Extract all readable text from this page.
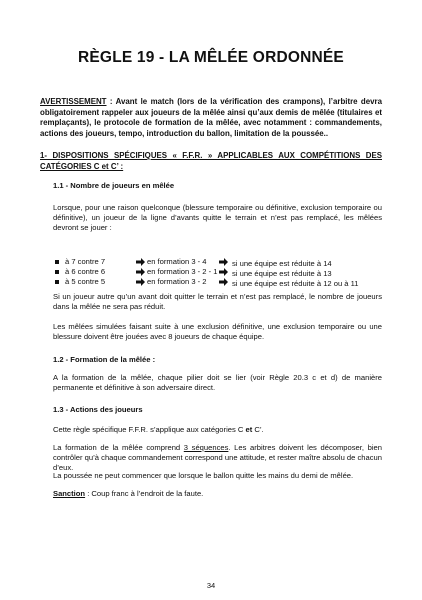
RÈGLE 19 - LA MÊLÉE ORDONNÉE
AVERTISSEMENT : Avant le match (lors de la vérification des crampons), l’arbitre devra obligatoirement rappeler aux joueurs de la mêlée ainsi qu’aux demis de mêlée (titulaires et remplaçants), le protocole de formation de la mêlée, avec notamment : commandements, actions des joueurs, tempo, introduction du ballon, limitation de la poussée..
1- DISPOSITIONS SPÉCIFIQUES « F.F.R. » APPLICABLES AUX COMPÉTITIONS DES CATÉGORIES C et C’ :
1.1 - Nombre de joueurs en mêlée
Lorsque, pour une raison quelconque (blessure temporaire ou définitive, exclusion temporaire ou définitive), un joueur de la ligne d’avants quitte le terrain et n’est pas remplacé, les mêlées devront se jouer :
à 7 contre 7	en formation 3 - 4	si une équipe est réduite à 14
à 6 contre 6	en formation 3 - 2 - 1	si une équipe est réduite à 13
à 5 contre 5	en formation 3 - 2	si une équipe est réduite à 12 ou à 11
Si un joueur autre qu’un avant doit quitter le terrain et n’est pas remplacé, le nombre de joueurs dans la mêlée ne sera pas réduit.
Les mêlées simulées faisant suite à une exclusion définitive, une exclusion temporaire ou une blessure doivent être jouées avec 8 joueurs de chaque équipe.
1.2 - Formation de la mêlée :
A la formation de la mêlée, chaque pilier doit se lier (voir Règle 20.3 c et d) de manière permanente et définitive à son adversaire direct.
1.3 - Actions des joueurs
Cette règle spécifique F.F.R. s’applique aux catégories C et C’.
La formation de la mêlée comprend 3 séquences. Les arbitres doivent les décomposer, bien contrôler qu’à chaque commandement correspond une attitude, et rester maître absolu de chacun d’eux.
La poussée ne peut commencer que lorsque le ballon quitte les mains du demi de mêlée.
Sanction : Coup franc à l’endroit de la faute.
34
